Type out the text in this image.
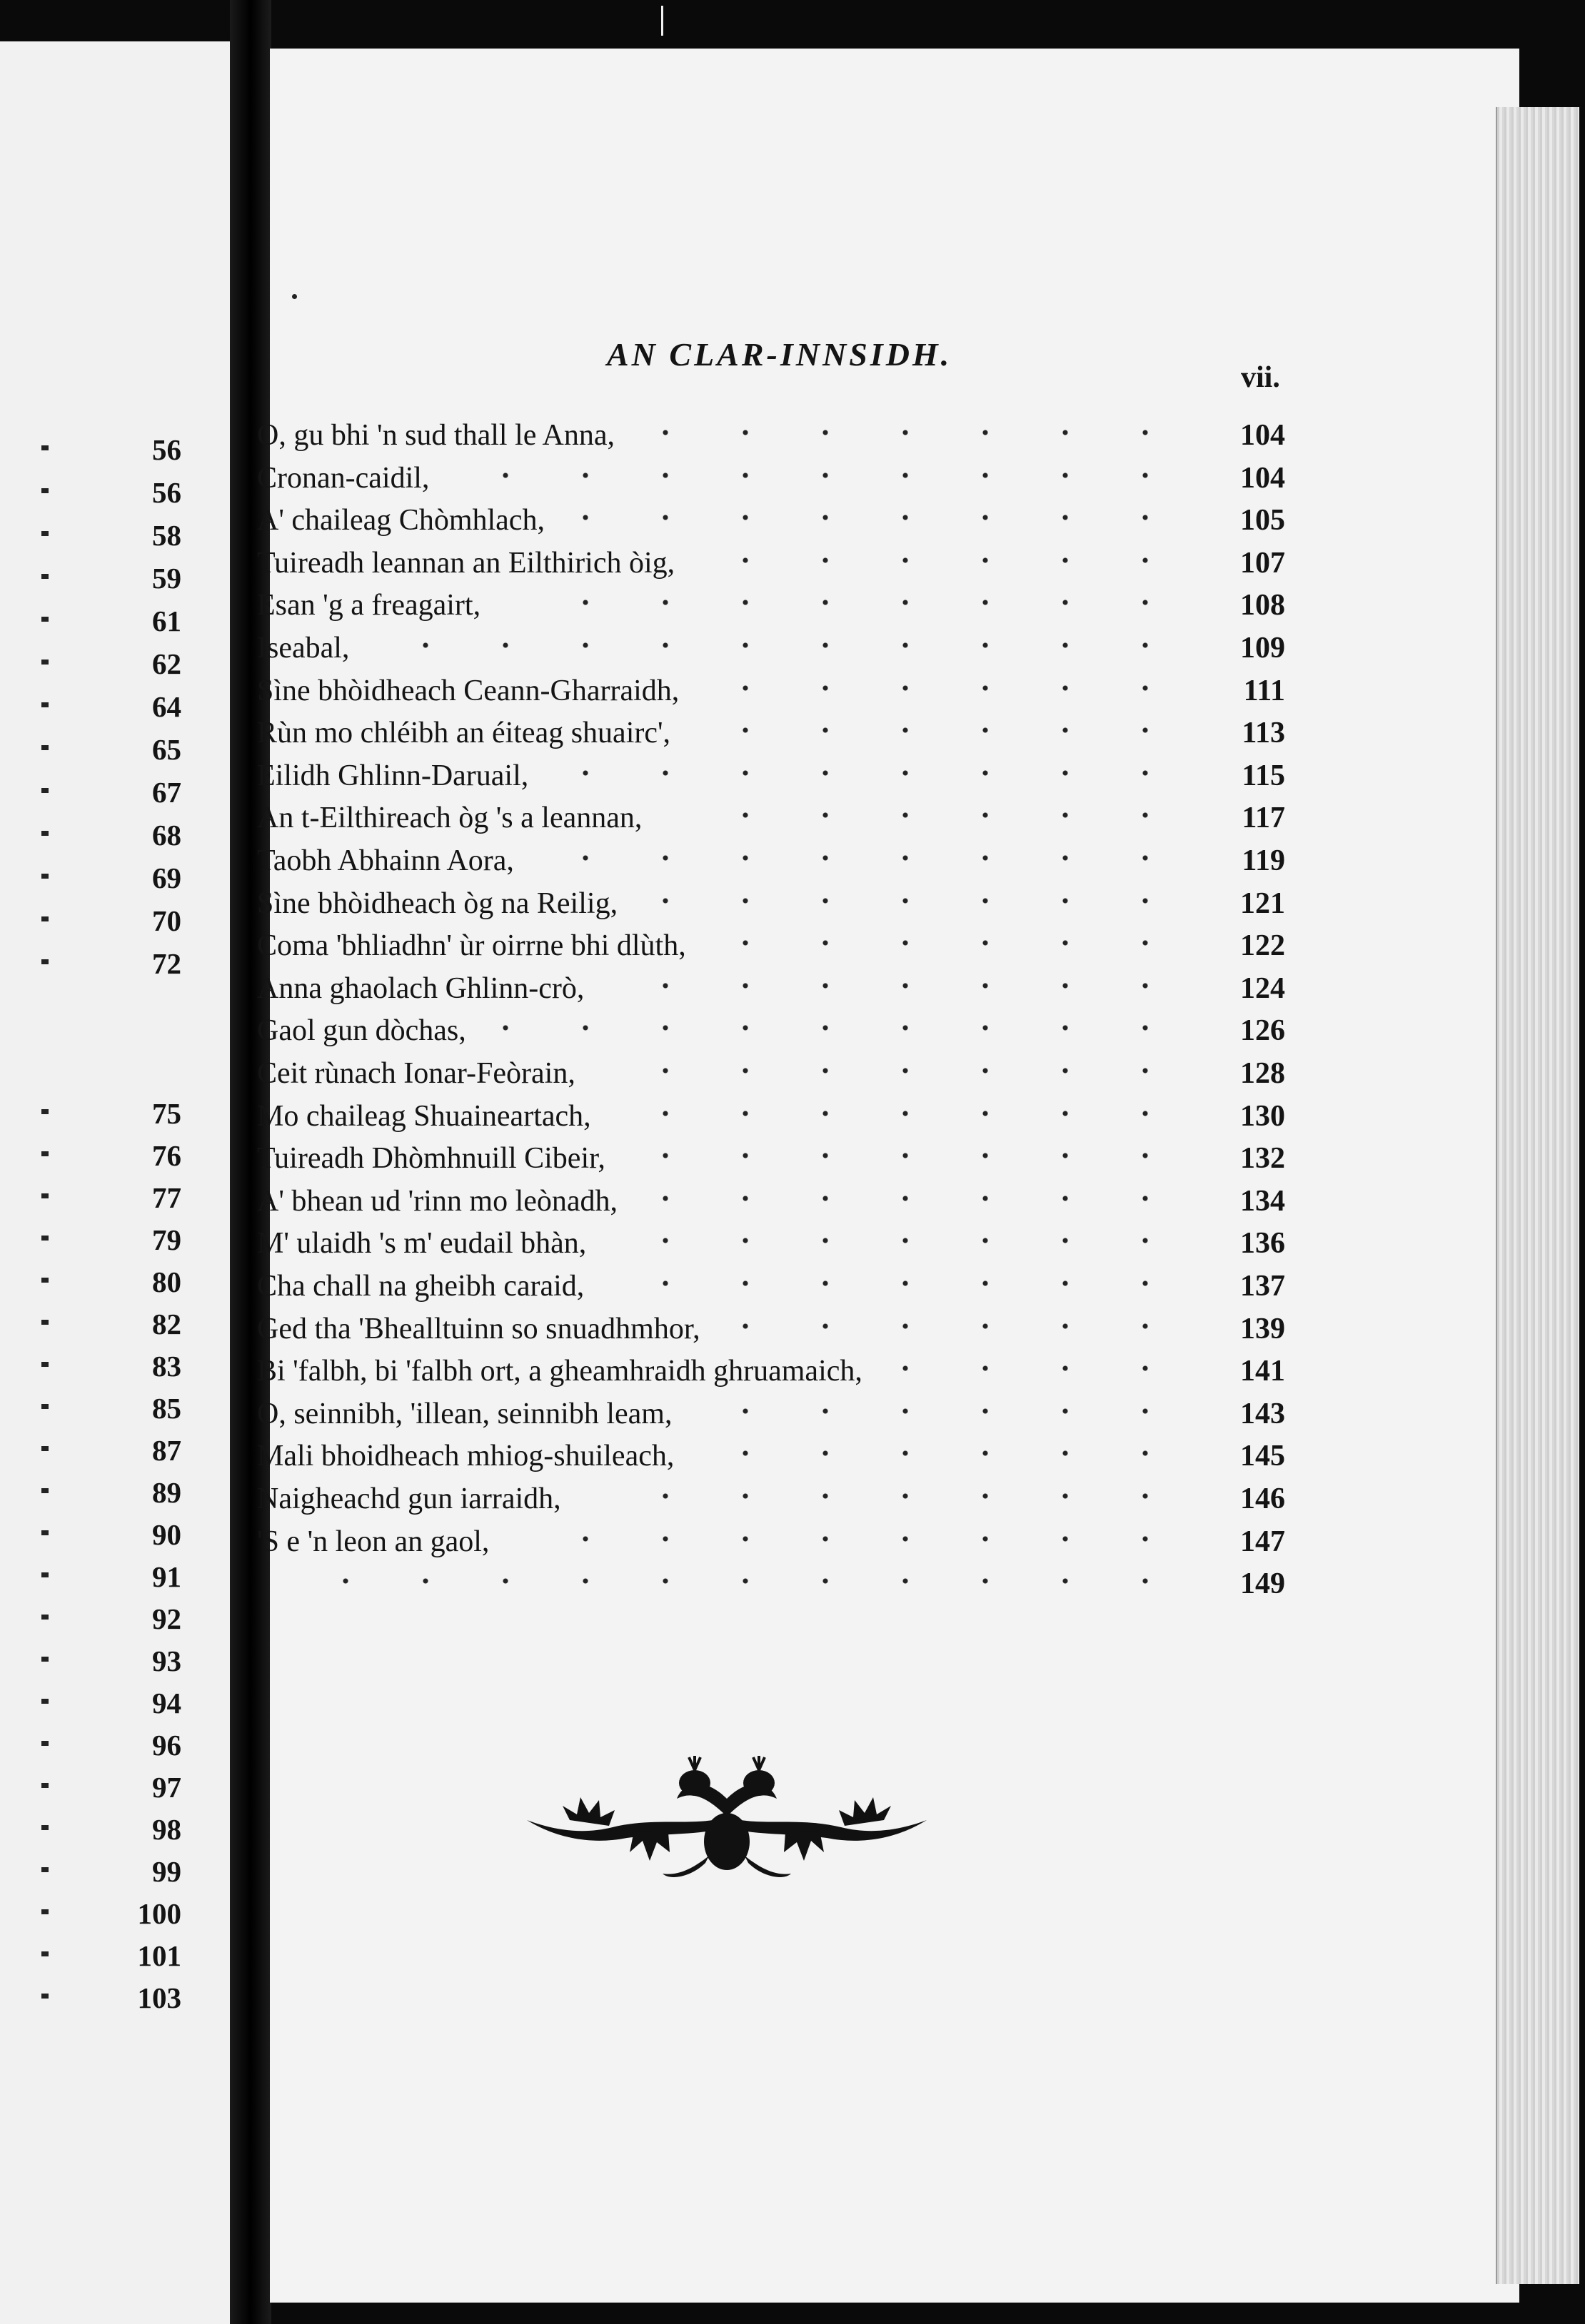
56
56
58
59
61
62
64
65
67
68
69
70
72
75
76
77
79
80
82
83
85
87
89
90
91
92
93
94
96
97
98
99
100
101
103
AN CLAR-INNSIDH.
vii.
O, gu bhi 'n sud thall le Anna,	104
Cronan-caidil,	104
A' chaileag Chòmhlach,	105
Tuireadh leannan an Eilthirich òig,	107
Esan 'g a freagairt,	108
Iseabal,	109
Sìne bhòidheach Ceann-Gharraidh,	111
Rùn mo chléibh an éiteag shuairc',	113
Eilidh Ghlinn-Daruail,	115
An t-Eilthireach òg 's a leannan,	117
Taobh Abhainn Aora,	119
Sìne bhòidheach òg na Reilig,	121
Coma 'bhliadhn' ùr oirrne bhi dlùth,	122
Anna ghaolach Ghlinn-crò,	124
Gaol gun dòchas,	126
Ceit rùnach Ionar-Feòrain,	128
Mo chaileag Shuaineartach,	130
Tuireadh Dhòmhnuill Cibeir,	132
A' bhean ud 'rinn mo leònadh,	134
M' ulaidh 's m' eudail bhàn,	136
Cha chall na gheibh caraid,	137
Ged tha 'Bhealltuinn so snuadhmhor,	139
Bi 'falbh, bi 'falbh ort, a gheamhraidh ghruamaich,	141
O, seinnibh, 'illean, seinnibh leam,	143
Mali bhoidheach mhiog-shuileach,	145
Naigheachd gun iarraidh,	146
'S e 'n leon an gaol,	147
149
